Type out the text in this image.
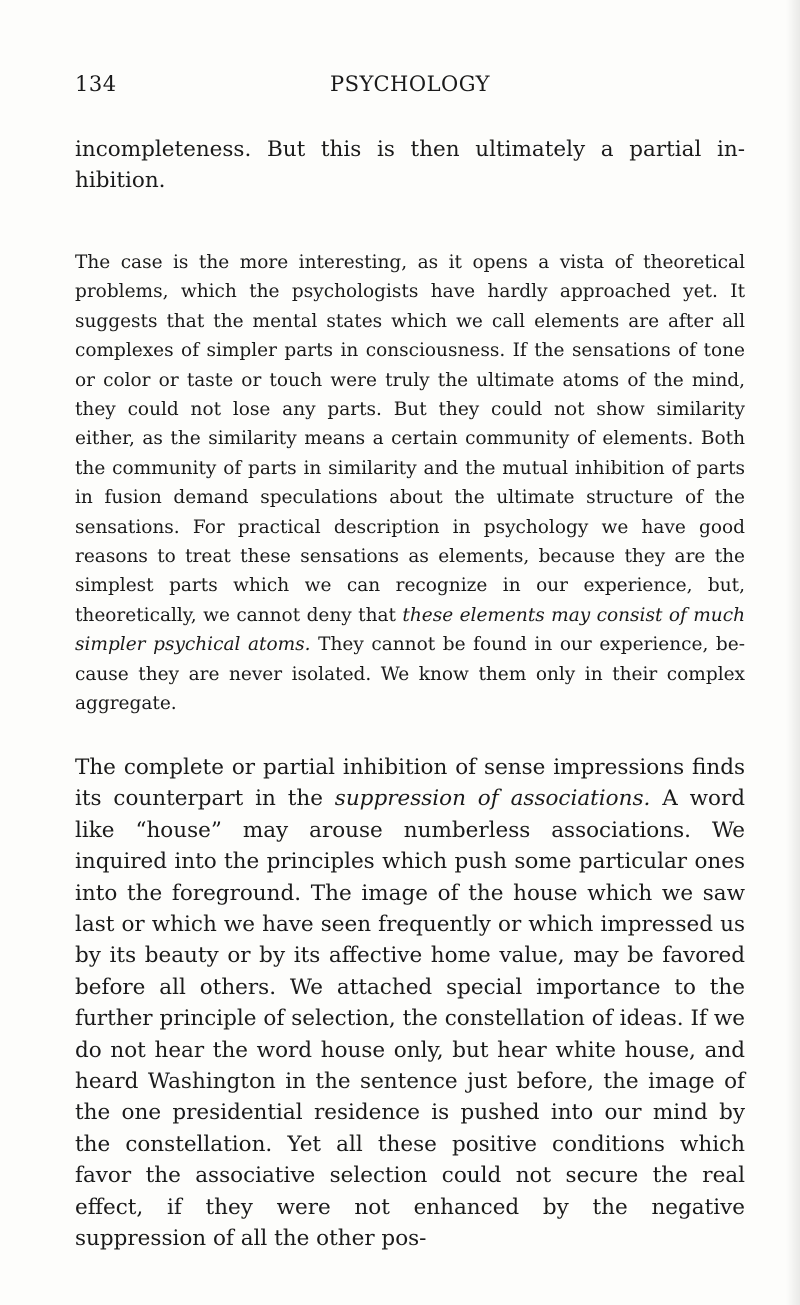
134	PSYCHOLOGY

incompleteness. But this is then ultimately a partial inhibition.

The case is the more interesting, as it opens a vista of theoretical problems, which the psychologists have hardly approached yet. It suggests that the mental states which we call elements are after all complexes of simpler parts in consciousness. If the sensations of tone or color or taste or touch were truly the ultimate atoms of the mind, they could not lose any parts. But they could not show similarity either, as the similarity means a certain community of elements. Both the community of parts in similarity and the mutual inhibition of parts in fusion demand speculations about the ultimate structure of the sensations. For practical description in psychology we have good reasons to treat these sensations as elements, because they are the simplest parts which we can recognize in our experience, but, theoretically, we cannot deny that these elements may consist of much simpler psychical atoms. They cannot be found in our experience, because they are never isolated. We know them only in their complex aggregate.

The complete or partial inhibition of sense impressions finds its counterpart in the suppression of associations. A word like “house” may arouse numberless associations. We inquired into the principles which push some particular ones into the foreground. The image of the house which we saw last or which we have seen frequently or which impressed us by its beauty or by its affective home value, may be favored before all others. We attached special importance to the further principle of selection, the constellation of ideas. If we do not hear the word house only, but hear white house, and heard Washington in the sentence just before, the image of the one presidential residence is pushed into our mind by the constellation. Yet all these positive conditions which favor the associative selection could not secure the real effect, if they were not enhanced by the negative suppression of all the other pos-
